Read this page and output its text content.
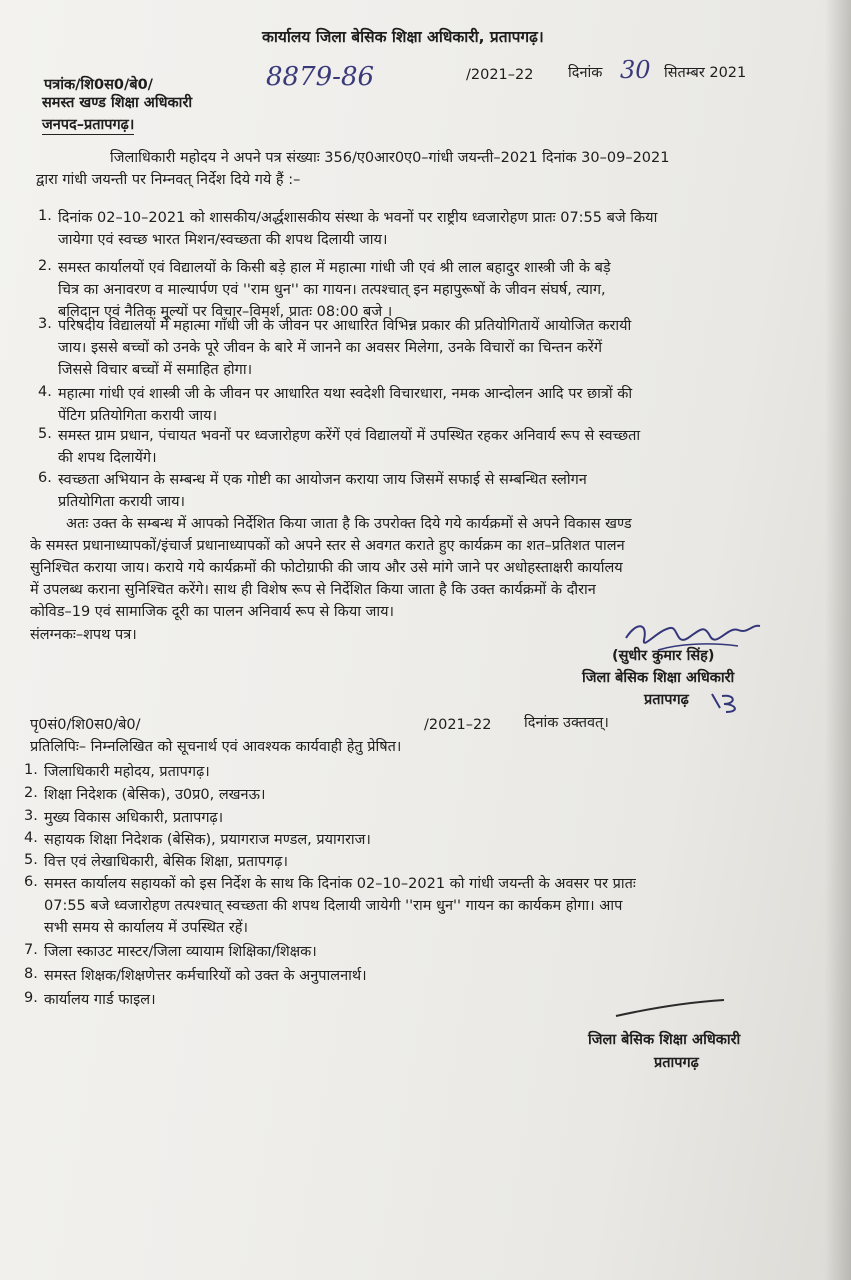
कार्यालय जिला बेसिक शिक्षा अधिकारी, प्रतापगढ़।
पत्रांक/शि0स0/बे0/	8879-86	/2021–22 दिनांक 30 सितम्बर 2021
समस्त खण्ड शिक्षा अधिकारी
जनपद–प्रतापगढ़।
जिलाधिकारी महोदय ने अपने पत्र संख्याः 356/ए0आर0ए0–गांधी जयन्ती–2021 दिनांक 30–09–2021
द्वारा गांधी जयन्ती पर निम्नवत् निर्देश दिये गये हैं :–
1. दिनांक 02–10–2021 को शासकीय/अर्द्धशासकीय संस्था के भवनों पर राष्ट्रीय ध्वजारोहण प्रातः 07:55 बजे किया
जायेगा एवं स्वच्छ भारत मिशन/स्वच्छता की शपथ दिलायी जाय।
2. समस्त कार्यालयों एवं विद्यालयों के किसी बड़े हाल में महात्मा गांधी जी एवं श्री लाल बहादुर शास्त्री जी के बड़े
चित्र का अनावरण व माल्यार्पण एवं ''राम धुन'' का गायन। तत्पश्चात् इन महापुरूषों के जीवन संघर्ष, त्याग,
बलिदान एवं नैतिक मूल्यों पर विचार–विमर्श, प्रातः 08:00 बजे ।
3. परिषदीय विद्यालयों में महात्मा गाँधी जी के जीवन पर आधारित विभिन्न प्रकार की प्रतियोगितायें आयोजित करायी
जाय। इससे बच्चों को उनके पूरे जीवन के बारे में जानने का अवसर मिलेगा, उनके विचारों का चिन्तन करेंगें
जिससे विचार बच्चों में समाहित होगा।
4. महात्मा गांधी एवं शास्त्री जी के जीवन पर आधारित यथा स्वदेशी विचारधारा, नमक आन्दोलन आदि पर छात्रों की
पेंटिग प्रतियोगिता करायी जाय।
5. समस्त ग्राम प्रधान, पंचायत भवनों पर ध्वजारोहण करेंगें एवं विद्यालयों में उपस्थित रहकर अनिवार्य रूप से स्वच्छता
की शपथ दिलायेंगे।
6. स्वच्छता अभियान के सम्बन्ध में एक गोष्टी का आयोजन कराया जाय जिसमें सफाई से सम्बन्धित स्लोगन
प्रतियोगिता करायी जाय।
अतः उक्त के सम्बन्ध में आपको निर्देशित किया जाता है कि उपरोक्त दिये गये कार्यक्रमों से अपने विकास खण्ड
के समस्त प्रधानाध्यापकों/इंचार्ज प्रधानाध्यापकों को अपने स्तर से अवगत कराते हुए कार्यक्रम का शत–प्रतिशत पालन
सुनिश्चित कराया जाय। कराये गये कार्यक्रमों की फोटोग्राफी की जाय और उसे मांगे जाने पर अधोहस्ताक्षरी कार्यालय
में उपलब्ध कराना सुनिश्चित करेंगे। साथ ही विशेष रूप से निर्देशित किया जाता है कि उक्त कार्यक्रमों के दौरान
कोविड–19 एवं सामाजिक दूरी का पालन अनिवार्य रूप से किया जाय।
संलग्नकः–शपथ पत्र।
(सुधीर कुमार सिंह)
जिला बेसिक शिक्षा अधिकारी
प्रतापगढ़
पृ0सं0/शि0स0/बे0/	/2021–22 दिनांक उक्तवत्।
प्रतिलिपिः– निम्नलिखित को सूचनार्थ एवं आवश्यक कार्यवाही हेतु प्रेषित।
1. जिलाधिकारी महोदय, प्रतापगढ़।
2. शिक्षा निदेशक (बेसिक), उ0प्र0, लखनऊ।
3. मुख्य विकास अधिकारी, प्रतापगढ़।
4. सहायक शिक्षा निदेशक (बेसिक), प्रयागराज मण्डल, प्रयागराज।
5. वित्त एवं लेखाधिकारी, बेसिक शिक्षा, प्रतापगढ़।
6. समस्त कार्यालय सहायकों को इस निर्देश के साथ कि दिनांक 02–10–2021 को गांधी जयन्ती के अवसर पर प्रातः
07:55 बजे ध्वजारोहण तत्पश्चात् स्वच्छता की शपथ दिलायी जायेगी ''राम धुन'' गायन का कार्यकम होगा। आप
सभी समय से कार्यालय में उपस्थित रहें।
7. जिला स्काउट मास्टर/जिला व्यायाम शिक्षिका/शिक्षक।
8. समस्त शिक्षक/शिक्षणेत्तर कर्मचारियों को उक्त के अनुपालनार्थ।
9. कार्यालय गार्ड फाइल।
जिला बेसिक शिक्षा अधिकारी
प्रतापगढ़
